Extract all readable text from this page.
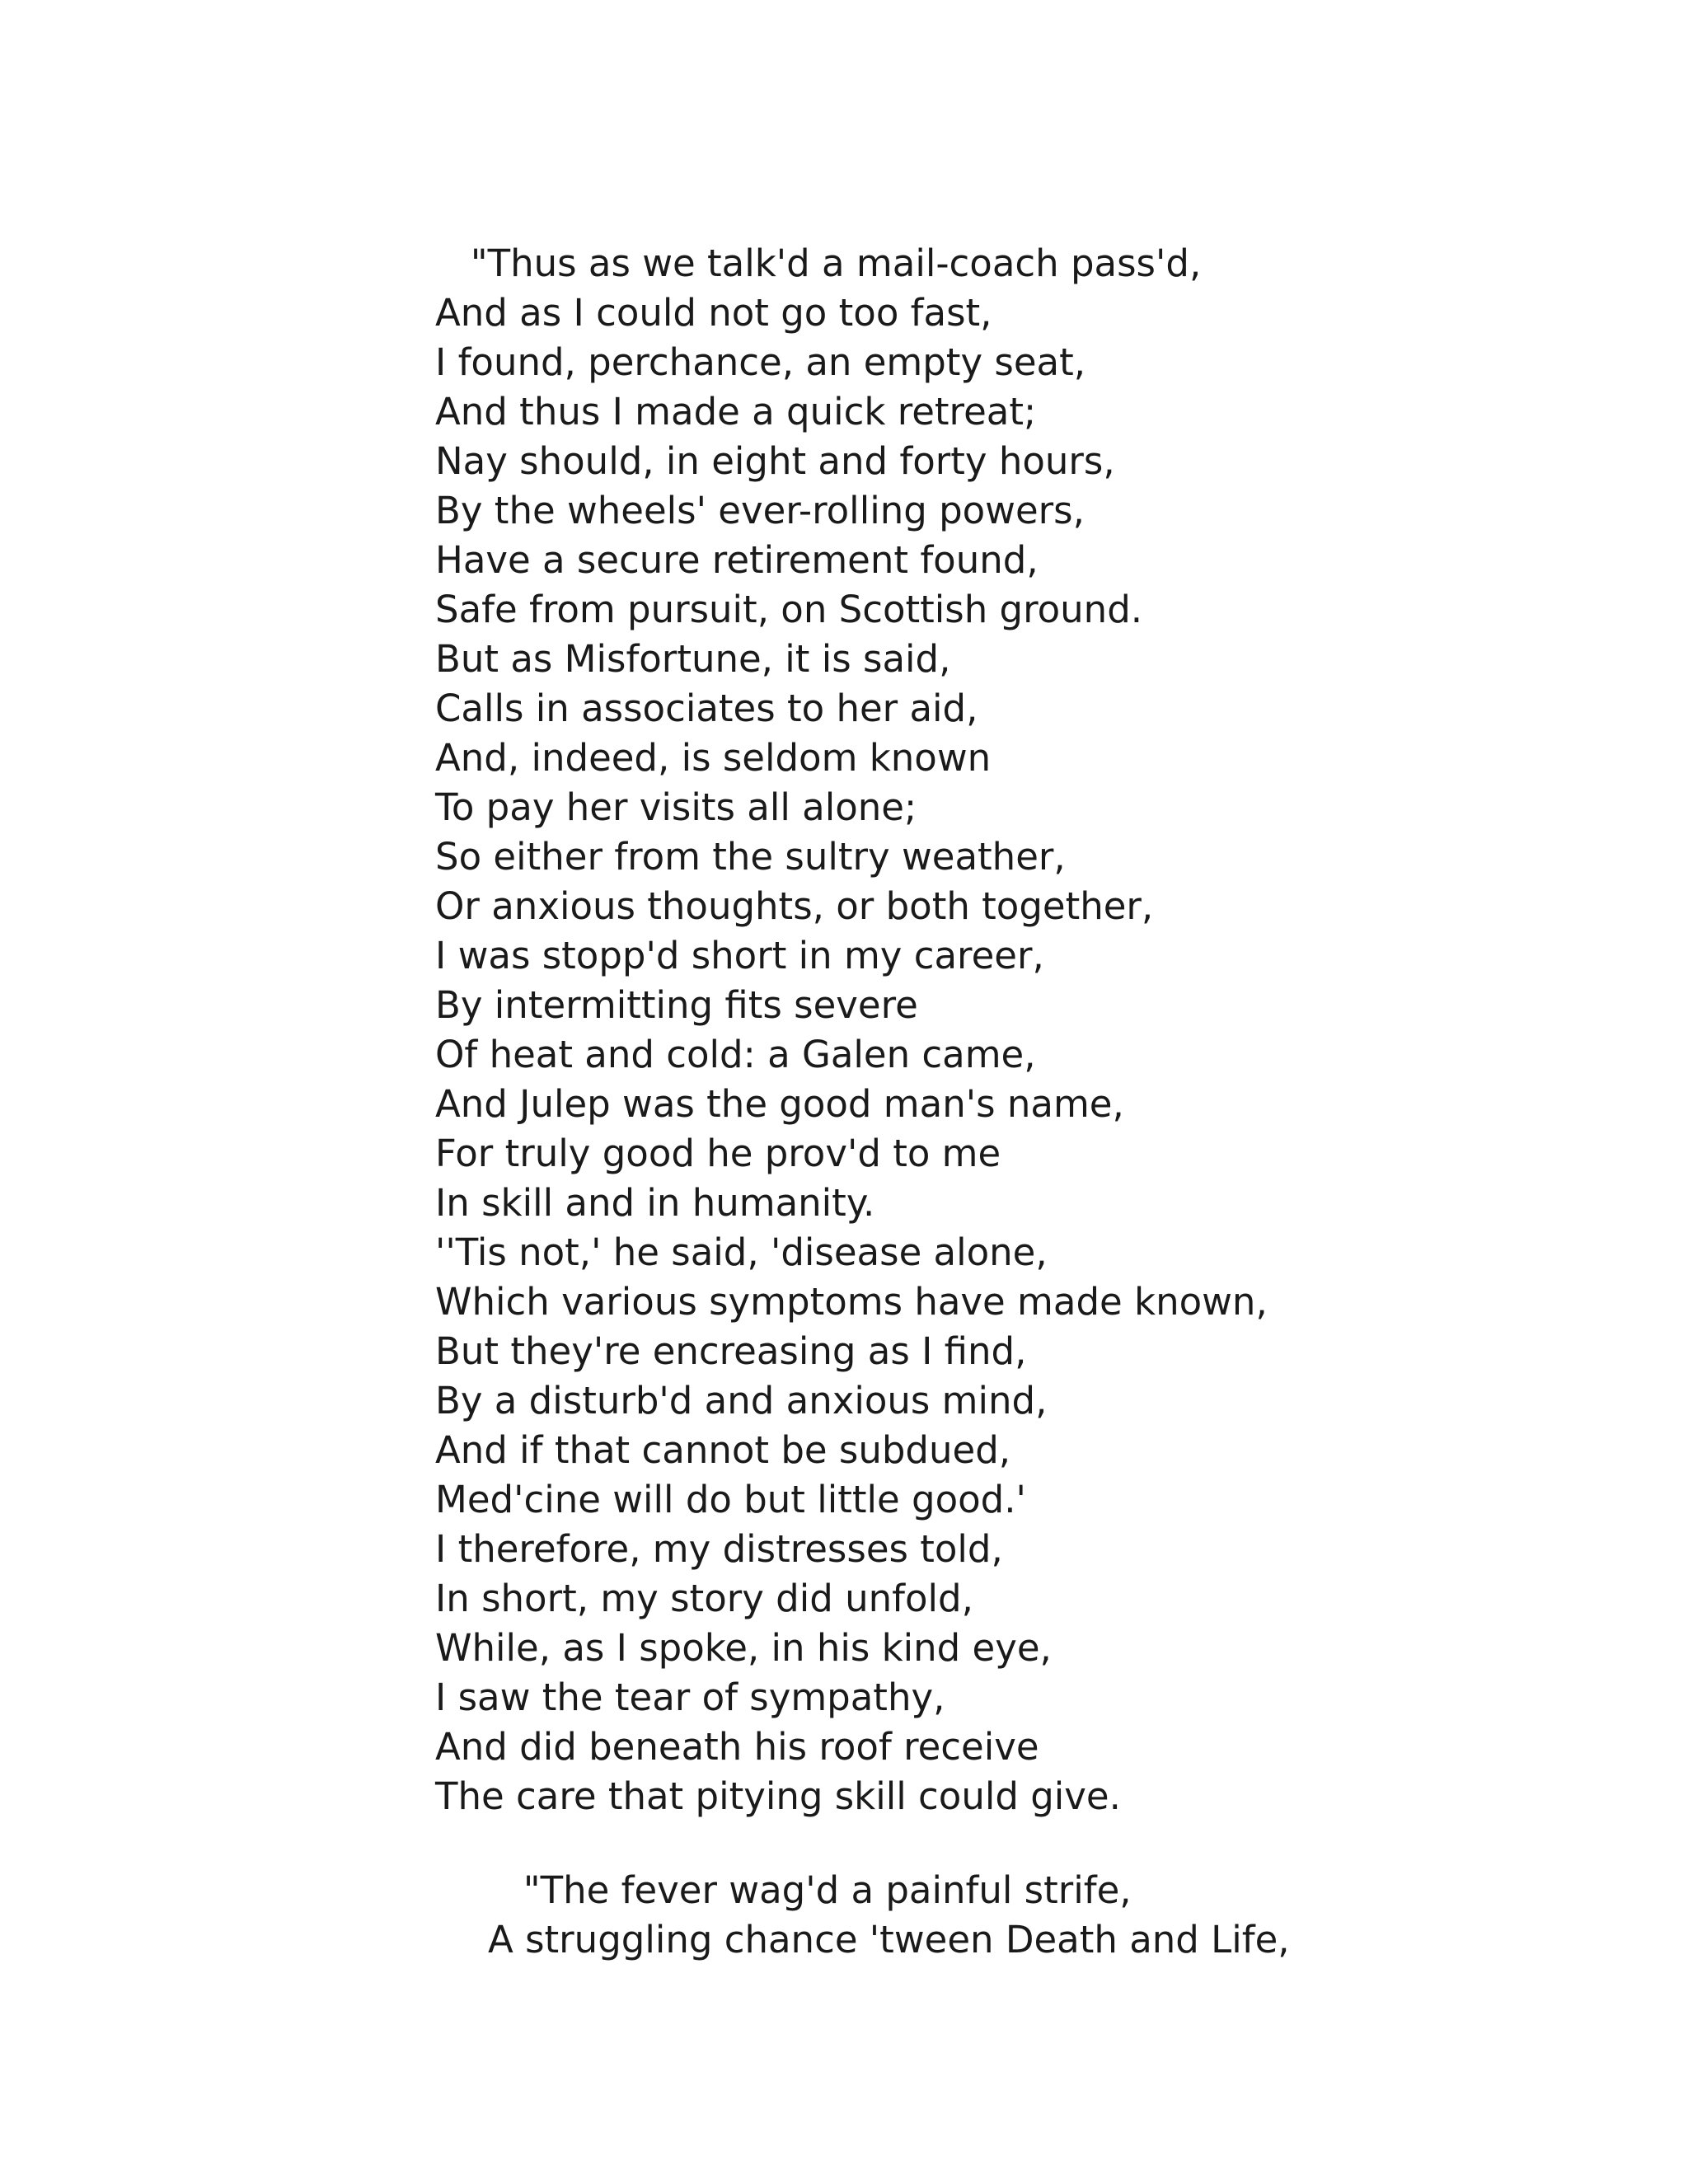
"Thus as we talk'd a mail-coach pass'd,
And as I could not go too fast,
I found, perchance, an empty seat,
And thus I made a quick retreat;
Nay should, in eight and forty hours,
By the wheels' ever-rolling powers,
Have a secure retirement found,
Safe from pursuit, on Scottish ground.
But as Misfortune, it is said,
Calls in associates to her aid,
And, indeed, is seldom known
To pay her visits all alone;
So either from the sultry weather,
Or anxious thoughts, or both together,
I was stopp'd short in my career,
By intermitting fits severe
Of heat and cold: a Galen came,
And Julep was the good man's name,
For truly good he prov'd to me
In skill and in humanity.
''Tis not,' he said, 'disease alone,
Which various symptoms have made known,
But they're encreasing as I find,
By a disturb'd and anxious mind,
And if that cannot be subdued,
Med'cine will do but little good.'
I therefore, my distresses told,
In short, my story did unfold,
While, as I spoke, in his kind eye,
I saw the tear of sympathy,
And did beneath his roof receive
The care that pitying skill could give.
"The fever wag'd a painful strife,
A struggling chance 'tween Death and Life,
